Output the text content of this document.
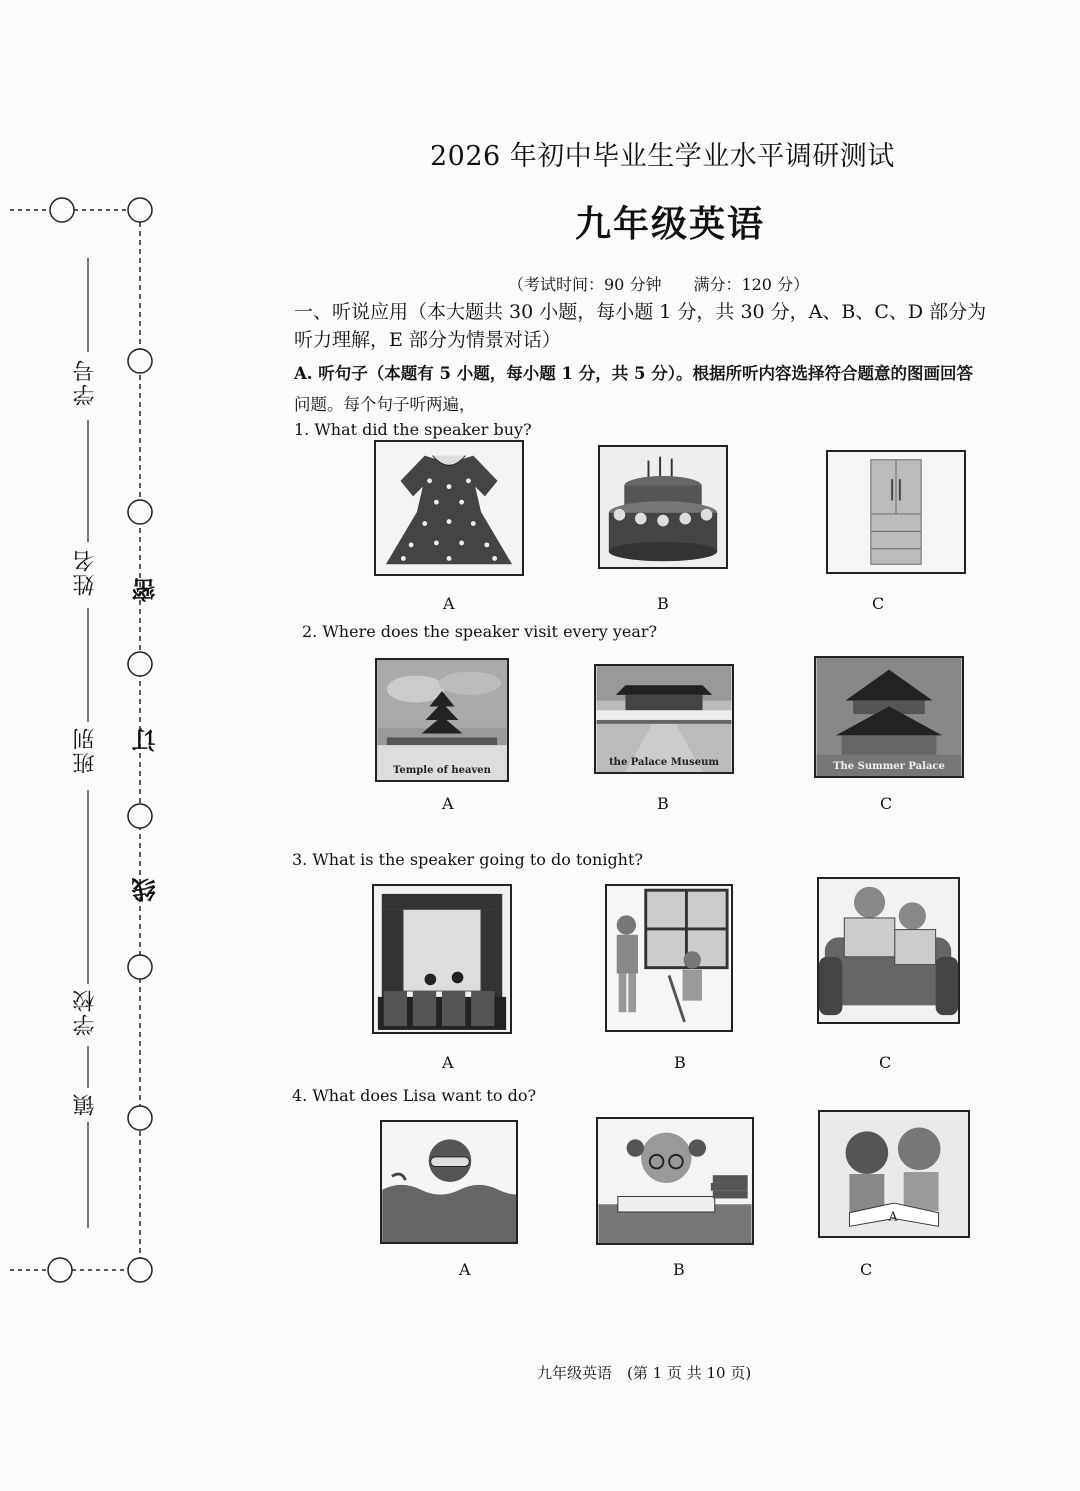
学号
姓名
班别
学校
镇
密
订
线
2026 年初中毕业生学业水平调研测试
九年级英语
（考试时间：90 分钟　　满分：120 分）
一、听说应用（本大题共 30 小题，每小题 1 分，共 30 分，A、B、C、D 部分为
听力理解，E 部分为情景对话）
A. 听句子（本题有 5 小题，每小题 1 分，共 5 分）。根据所听内容选择符合题意的图画回答
问题。每个句子听两遍，
1. What did the speaker buy?
A	B	C
2. Where does the speaker visit every year?
Temple of heaven
the Palace Museum	The Summer Palace
A	B	C
3. What is the speaker going to do tonight?
A	B	C
4. What does Lisa want to do?
A
A	B	C
九年级英语　(第 1 页 共 10 页)
